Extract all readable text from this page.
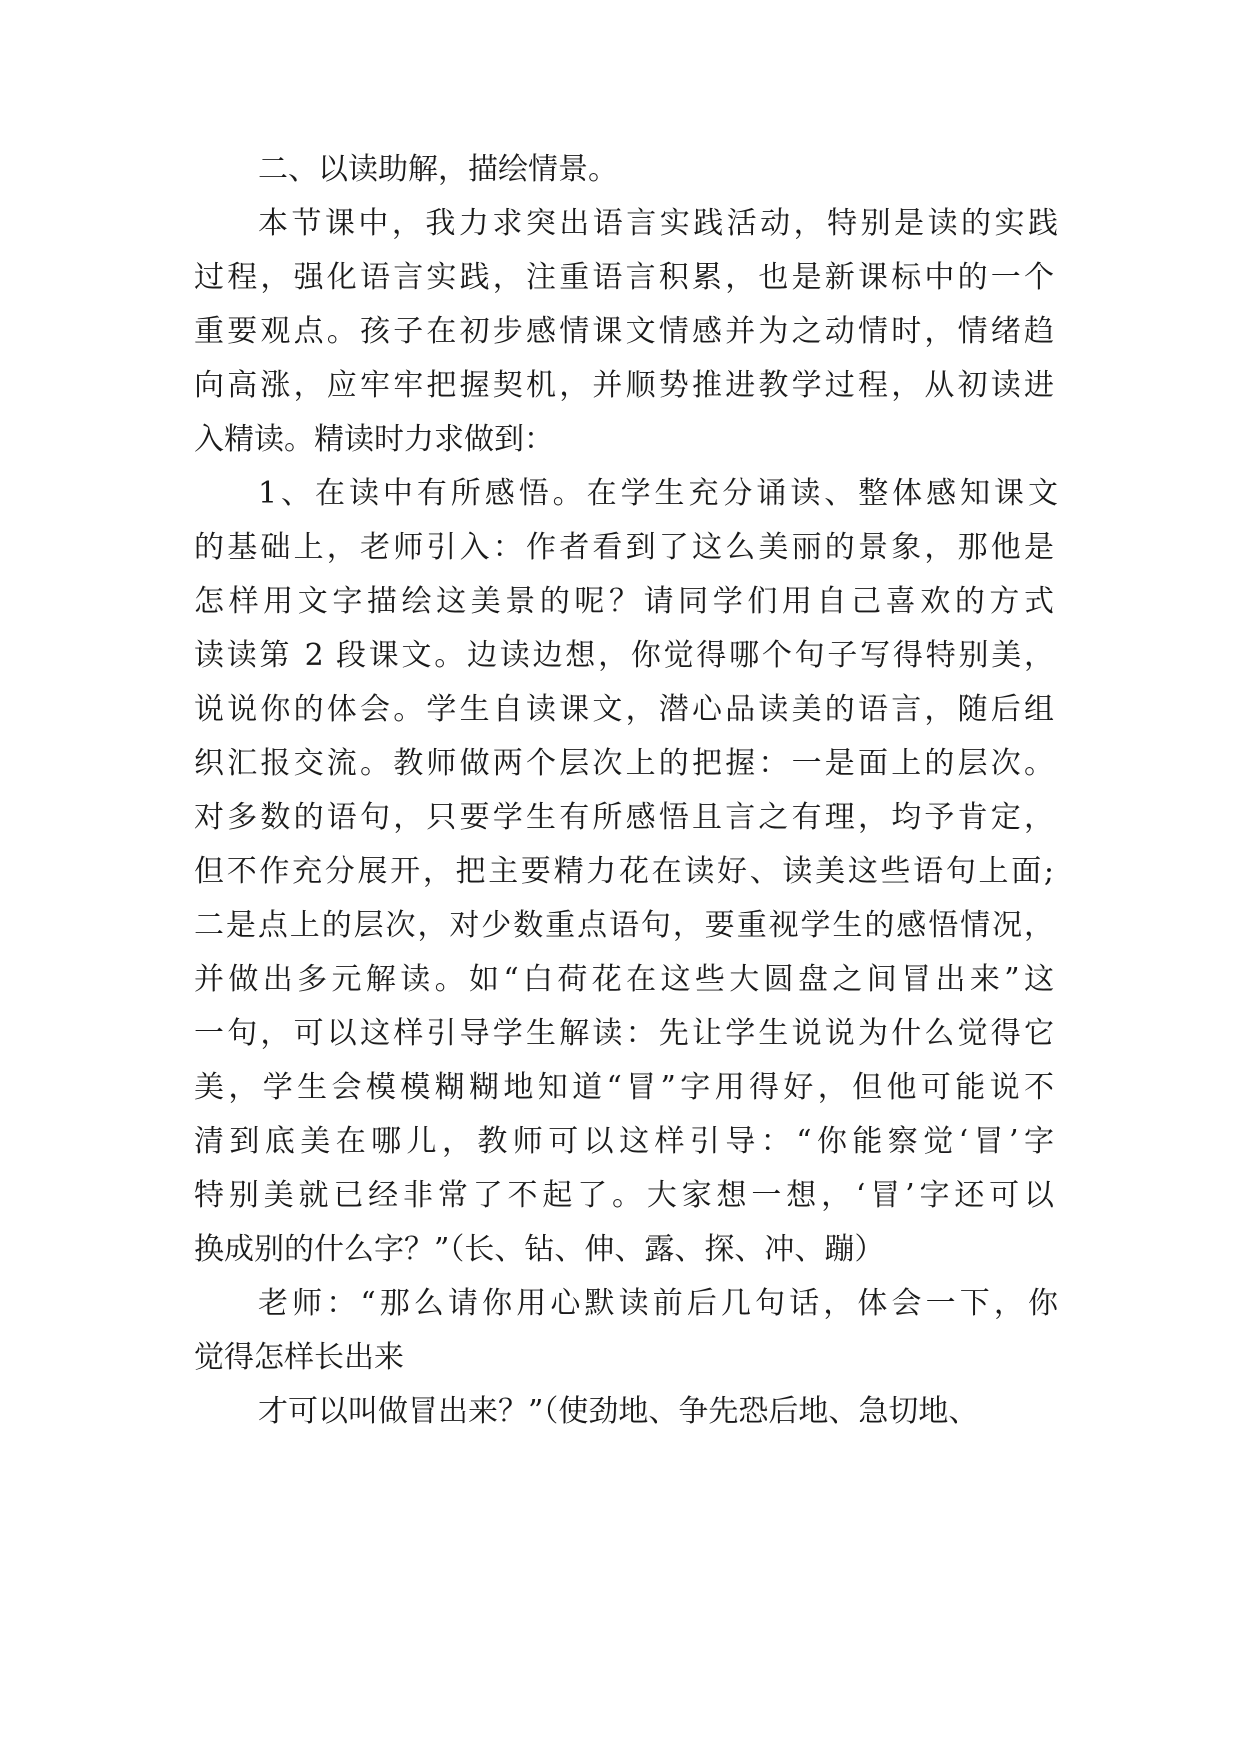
二、以读助解，描绘情景。

本节课中，我力求突出语言实践活动，特别是读的实践

过程，强化语言实践，注重语言积累，也是新课标中的一个

重要观点。孩子在初步感情课文情感并为之动情时，情绪趋

向高涨，应牢牢把握契机，并顺势推进教学过程，从初读进

入精读。精读时力求做到：

1、在读中有所感悟。在学生充分诵读、整体感知课文

的基础上，老师引入：作者看到了这么美丽的景象，那他是

怎样用文字描绘这美景的呢？请同学们用自己喜欢的方式

读读第 2 段课文。边读边想，你觉得哪个句子写得特别美，

说说你的体会。学生自读课文，潜心品读美的语言，随后组

织汇报交流。教师做两个层次上的把握：一是面上的层次。

对多数的语句，只要学生有所感悟且言之有理，均予肯定，

但不作充分展开，把主要精力花在读好、读美这些语句上面;

二是点上的层次，对少数重点语句，要重视学生的感悟情况，

并做出多元解读。如“白荷花在这些大圆盘之间冒出来”这

一句，可以这样引导学生解读：先让学生说说为什么觉得它

美，学生会模模糊糊地知道“冒”字用得好，但他可能说不

清到底美在哪儿，教师可以这样引导：“你能察觉‘冒’字

特别美就已经非常了不起了。大家想一想，‘冒’字还可以

换成别的什么字？”（长、钻、伸、露、探、冲、蹦）

老师：“那么请你用心默读前后几句话，体会一下，你

觉得怎样长出来

才可以叫做冒出来？”（使劲地、争先恐后地、急切地、
